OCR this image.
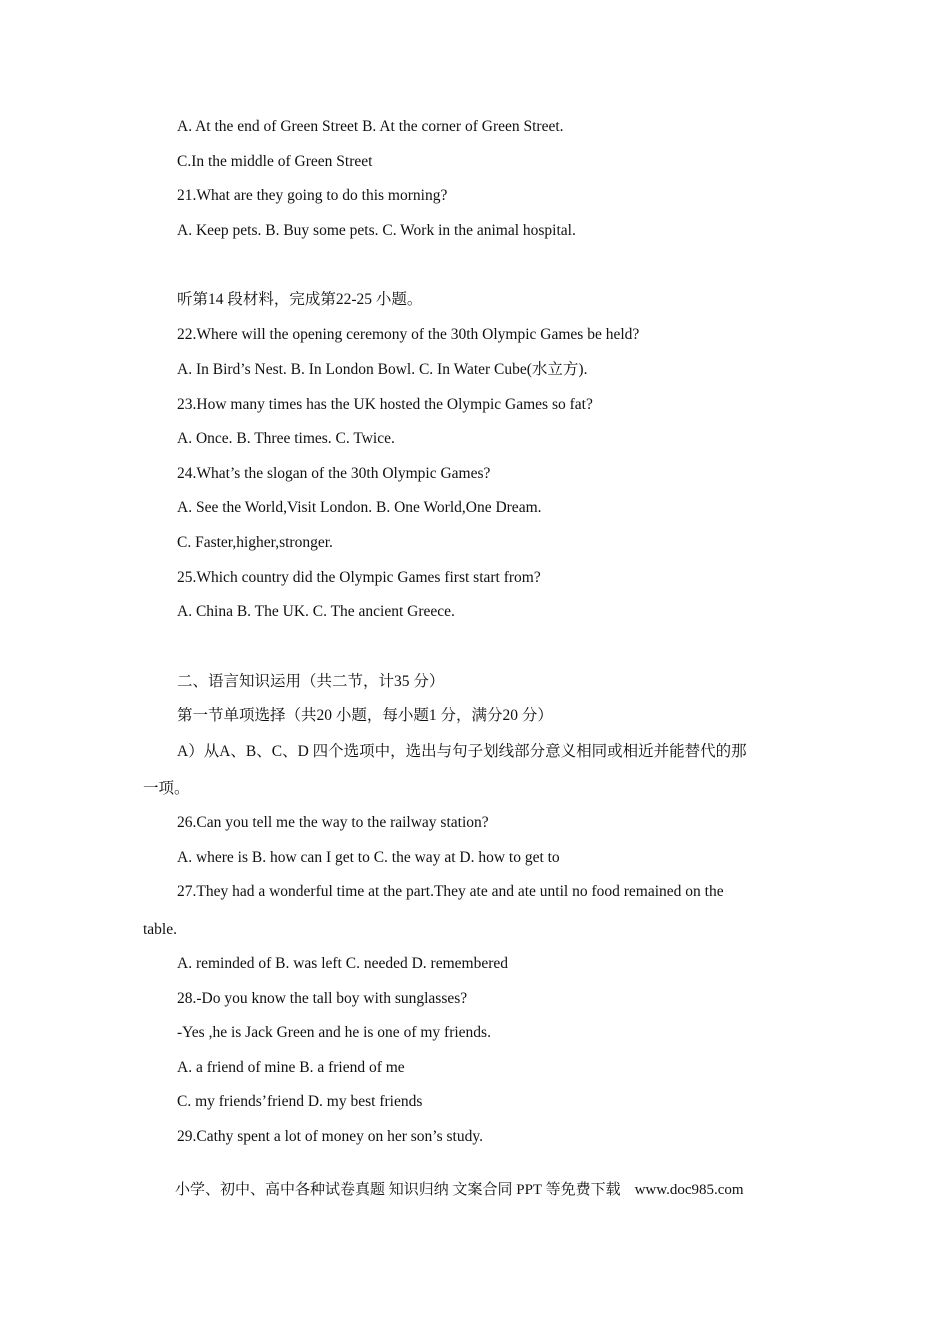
A. At the end of Green Street B. At the corner of Green Street.
C.In the middle of Green Street
21.What are they going to do this morning?
A. Keep pets. B. Buy some pets. C. Work in the animal hospital.
听第14 段材料，完成第22-25 小题。
22.Where will the opening ceremony of the 30th Olympic Games be held?
A. In Bird’s Nest. B. In London Bowl. C. In Water Cube(水立方).
23.How many times has the UK hosted the Olympic Games so fat?
A. Once. B. Three times. C. Twice.
24.What’s the slogan of the 30th Olympic Games?
A. See the World,Visit London. B. One World,One Dream.
C. Faster,higher,stronger.
25.Which country did the Olympic Games first start from?
A. China B. The UK. C. The ancient Greece.
二、语言知识运用（共二节，计35 分）
第一节单项选择（共20 小题，每小题1 分，满分20 分）
A）从A、B、C、D 四个选项中，选出与句子划线部分意义相同或相近并能替代的那
一项。
26.Can you tell me the way to the railway station?
A. where is B. how can I get to C. the way at D. how to get to
27.They had a wonderful time at the part.They ate and ate until no food remained on the
table.
A. reminded of B. was left C. needed D. remembered
28.-Do you know the tall boy with sunglasses?
-Yes ,he is Jack Green and he is one of my friends.
A. a friend of mine B. a friend of me
C. my friends’friend D. my best friends
29.Cathy spent a lot of money on her son’s study.
小学、初中、高中各种试卷真题 知识归纳 文案合同 PPT 等免费下载 www.doc985.com
